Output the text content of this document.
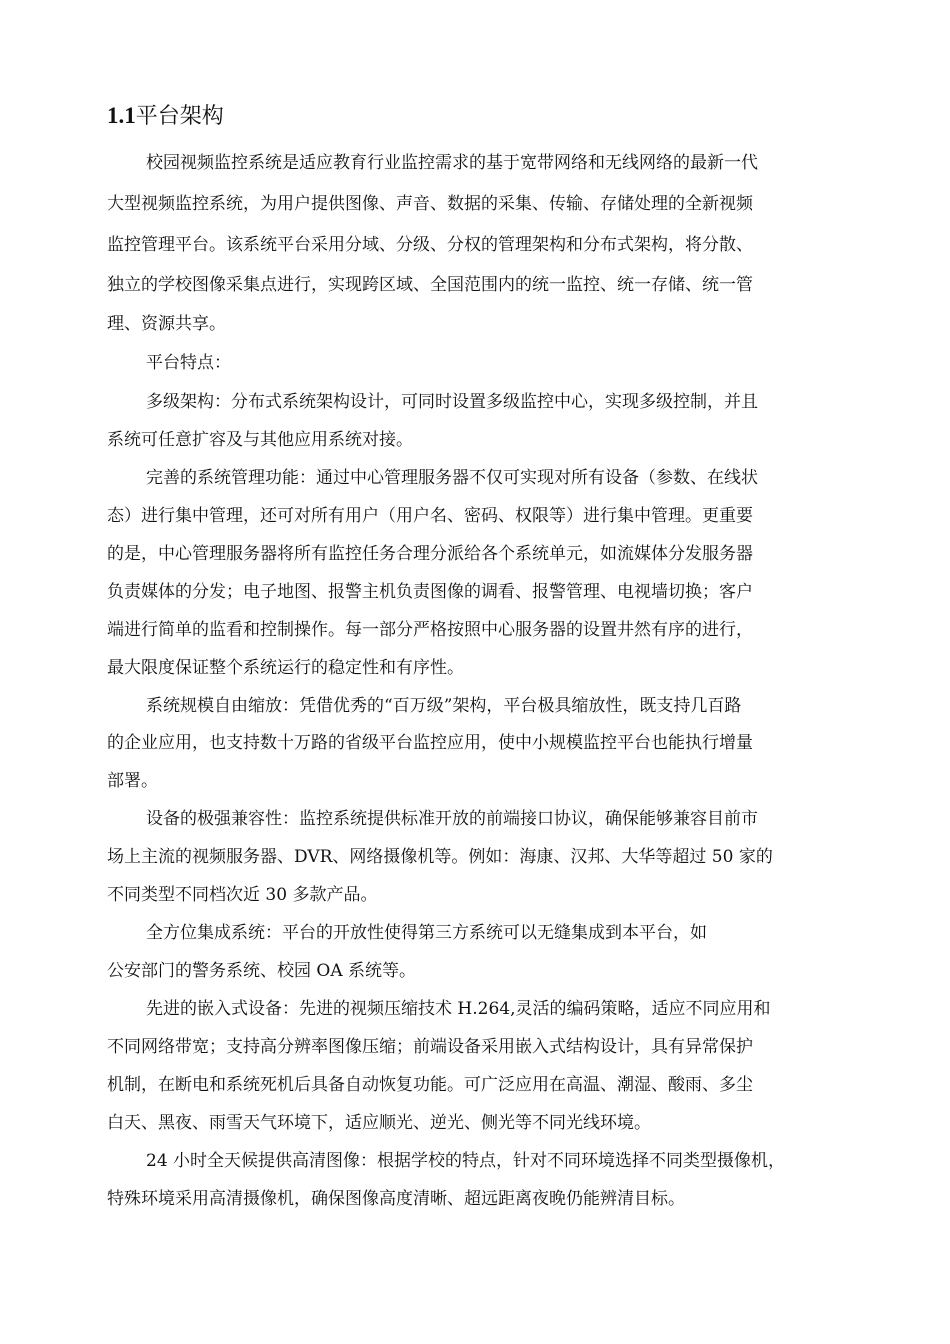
1.1平台架构

校园视频监控系统是适应教育行业监控需求的基于宽带网络和无线网络的最新一代

大型视频监控系统，为用户提供图像、声音、数据的采集、传输、存储处理的全新视频

监控管理平台。该系统平台采用分域、分级、分权的管理架构和分布式架构，将分散、

独立的学校图像采集点进行，实现跨区域、全国范围内的统一监控、统一存储、统一管

理、资源共享。

平台特点：

多级架构：分布式系统架构设计，可同时设置多级监控中心，实现多级控制，并且

系统可任意扩容及与其他应用系统对接。

完善的系统管理功能：通过中心管理服务器不仅可实现对所有设备（参数、在线状

态）进行集中管理，还可对所有用户（用户名、密码、权限等）进行集中管理。更重要

的是，中心管理服务器将所有监控任务合理分派给各个系统单元，如流媒体分发服务器

负责媒体的分发；电子地图、报警主机负责图像的调看、报警管理、电视墙切换；客户

端进行简单的监看和控制操作。每一部分严格按照中心服务器的设置井然有序的进行，

最大限度保证整个系统运行的稳定性和有序性。

系统规模自由缩放：凭借优秀的“百万级”架构，平台极具缩放性，既支持几百路

的企业应用，也支持数十万路的省级平台监控应用，使中小规模监控平台也能执行增量

部署。

设备的极强兼容性：监控系统提供标准开放的前端接口协议，确保能够兼容目前市

场上主流的视频服务器、DVR、网络摄像机等。例如：海康、汉邦、大华等超过 50 家的

不同类型不同档次近 30 多款产品。

全方位集成系统：平台的开放性使得第三方系统可以无缝集成到本平台，如

公安部门的警务系统、校园 OA 系统等。

先进的嵌入式设备：先进的视频压缩技术 H.264,灵活的编码策略，适应不同应用和

不同网络带宽；支持高分辨率图像压缩；前端设备采用嵌入式结构设计，具有异常保护

机制，在断电和系统死机后具备自动恢复功能。可广泛应用在高温、潮湿、酸雨、多尘

白天、黑夜、雨雪天气环境下，适应顺光、逆光、侧光等不同光线环境。

24 小时全天候提供高清图像：根据学校的特点，针对不同环境选择不同类型摄像机，

特殊环境采用高清摄像机，确保图像高度清晰、超远距离夜晚仍能辨清目标。
